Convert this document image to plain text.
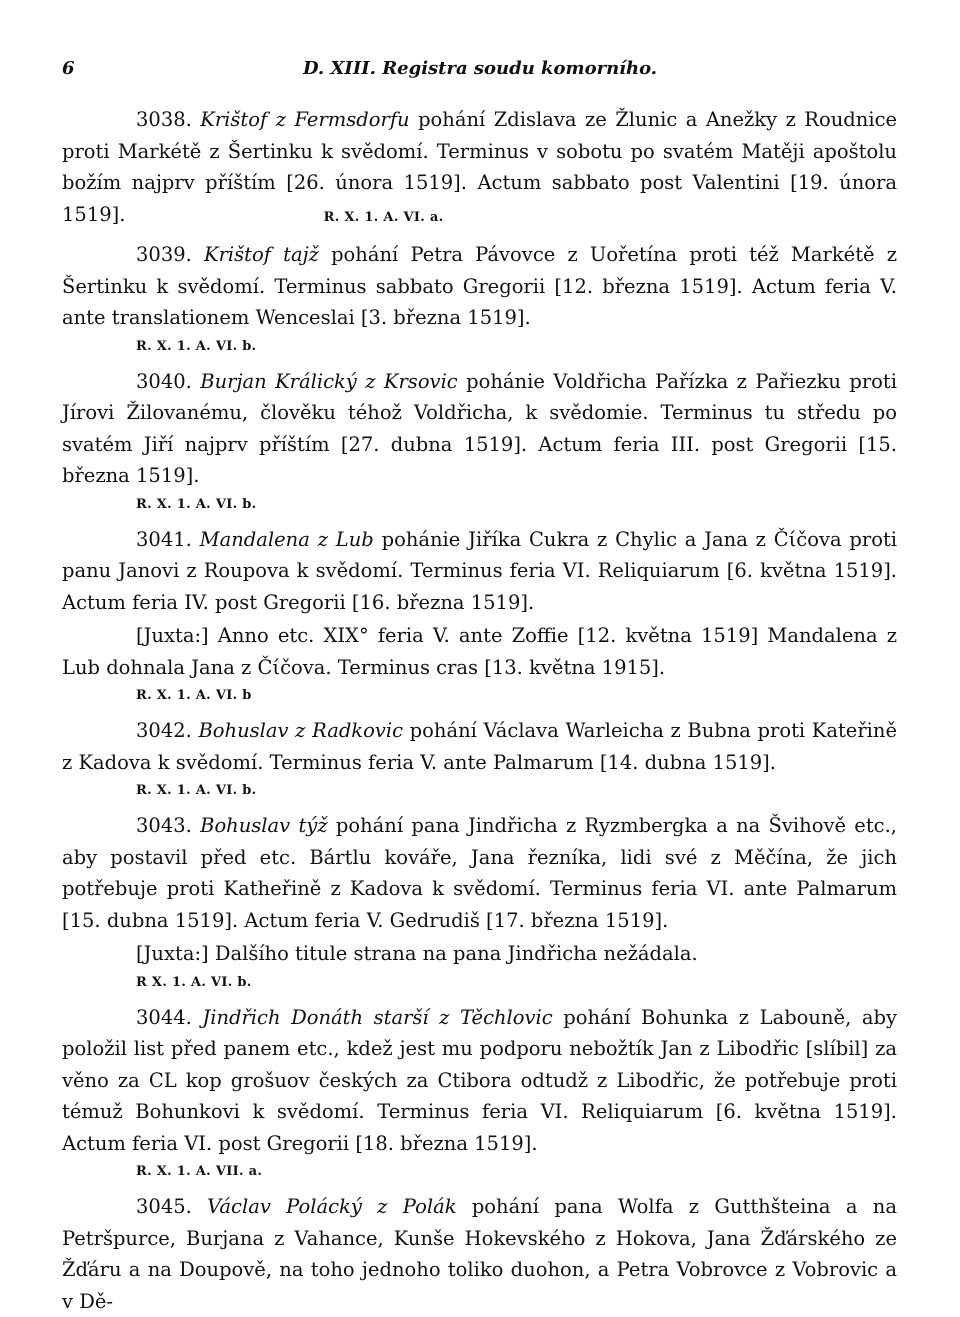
6	D. XIII. Registra soudu komorního.

3038. Krištof z Fermsdorfu pohání Zdislava ze Žlunic a Anežky z Roudnice proti Markétě z Šertinku k svědomí. Terminus v sobotu po svatém Matěji apoštolu božím najprv příštím [26. února 1519]. Actum sabbato post Valentini [19. února 1519].	R. X. 1. A. VI. a.

3039. Krištof tajž pohání Petra Pávovce z Uořetína proti též Markétě z Šertinku k svědomí. Terminus sabbato Gregorii [12. března 1519]. Actum feria V. ante translationem Wenceslai [3. března 1519].

R. X. 1. A. VI. b.

3040. Burjan Králický z Krsovic pohánie Voldřicha Pařízka z Pařiezku proti Jírovi Žilovanému, člověku téhož Voldřicha, k svědomie. Terminus tu středu po svatém Jiří najprv příštím [27. dubna 1519]. Actum feria III. post Gregorii [15. března 1519].

R. X. 1. A. VI. b.

3041. Mandalena z Lub pohánie Jiříka Cukra z Chylic a Jana z Čίčova proti panu Janovi z Roupova k svědomí. Terminus feria VI. Reliquiarum [6. května 1519]. Actum feria IV. post Gregorii [16. března 1519].

[Juxta:] Anno etc. XIX° feria V. ante Zoffie [12. května 1519] Mandalena z Lub dohnala Jana z Čίčova. Terminus cras [13. května 1915].

R. X. 1. A. VI. b

3042. Bohuslav z Radkovic pohání Václava Warleicha z Bubna proti Kateřině z Kadova k svědomí. Terminus feria V. ante Palmarum [14. dubna 1519].

R. X. 1. A. VI. b.

3043. Bohuslav týž pohání pana Jindřicha z Ryzmbergka a na Švihově etc., aby postavil před etc. Bártlu kováře, Jana řezníka, lidi své z Měčína, že jich potřebuje proti Katheřině z Kadova k svědomí. Terminus feria VI. ante Palmarum [15. dubna 1519]. Actum feria V. Gedrudiš [17. března 1519].

[Juxta:] Dalšího titule strana na pana Jindřicha nežádala.

R X. 1. A. VI. b.

3044. Jindřich Donáth starší z Těchlovic pohání Bohunka z Labouně, aby položil list před panem etc., kdež jest mu podporu nebožtík Jan z Libodřic [slíbil] za věno za CL kop grošuov českých za Ctibora odtudž z Libodřic, že potřebuje proti témuž Bohunkovi k svědomí. Terminus feria VI. Reliquiarum [6. května 1519]. Actum feria VI. post Gregorii [18. března 1519].

R. X. 1. A. VII. a.

3045. Václav Polácký z Polák pohání pana Wolfa z Gutthšteina a na Petršpurce, Burjana z Vahance, Kunše Hokevského z Hokova, Jana Žďárského ze Žďáru a na Doupově, na toho jednoho toliko duohon, a Petra Vobrovce z Vobrovic a v Dě-
